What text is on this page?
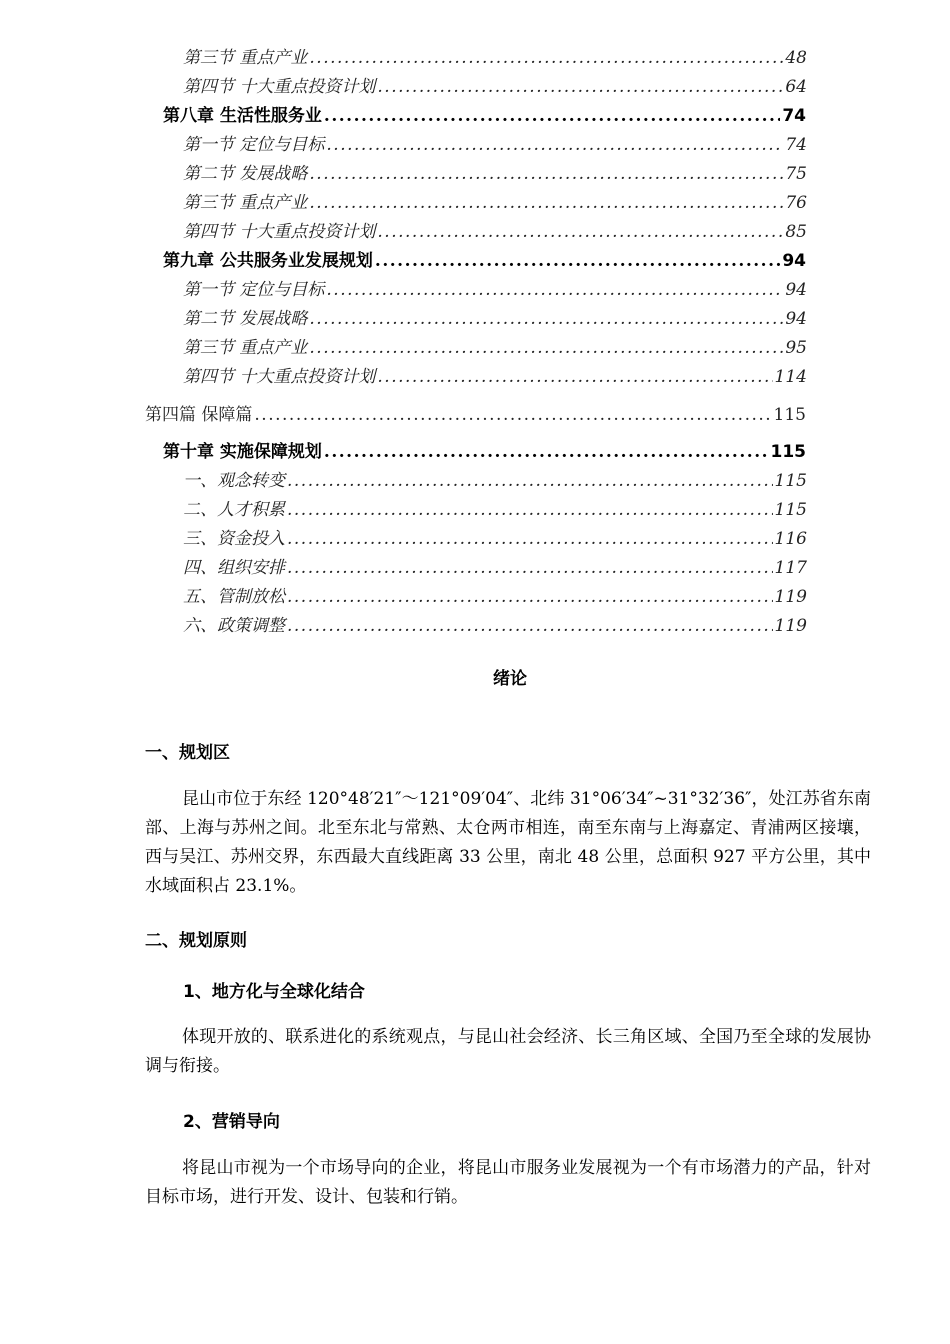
第三节 重点产业 .....	48
第四节 十大重点投资计划 .....	64
第八章 生活性服务业 .....	74
第一节 定位与目标 .....	74
第二节 发展战略 .....	75
第三节 重点产业 .....	76
第四节 十大重点投资计划 .....	85
第九章 公共服务业发展规划 .....	94
第一节 定位与目标 .....	94
第二节 发展战略 .....	94
第三节 重点产业 .....	95
第四节 十大重点投资计划 .....	114
第四篇 保障篇 .....	115
第十章 实施保障规划 .....	115
一、观念转变 .....	115
二、人才积累 .....	115
三、资金投入 .....	116
四、组织安排 .....	117
五、管制放松 .....	119
六、政策调整 .....	119
绪论
一、规划区
昆山市位于东经 120°48′21″～121°09′04″、北纬 31°06′34″~31°32′36″，处江苏省东南部、上海与苏州之间。北至东北与常熟、太仓两市相连，南至东南与上海嘉定、青浦两区接壤，西与吴江、苏州交界，东西最大直线距离 33 公里，南北 48 公里，总面积 927 平方公里，其中水域面积占 23.1%。
二、规划原则
1、地方化与全球化结合
体现开放的、联系进化的系统观点，与昆山社会经济、长三角区域、全国乃至全球的发展协调与衔接。
2、营销导向
将昆山市视为一个市场导向的企业，将昆山市服务业发展视为一个有市场潜力的产品，针对目标市场，进行开发、设计、包装和行销。
